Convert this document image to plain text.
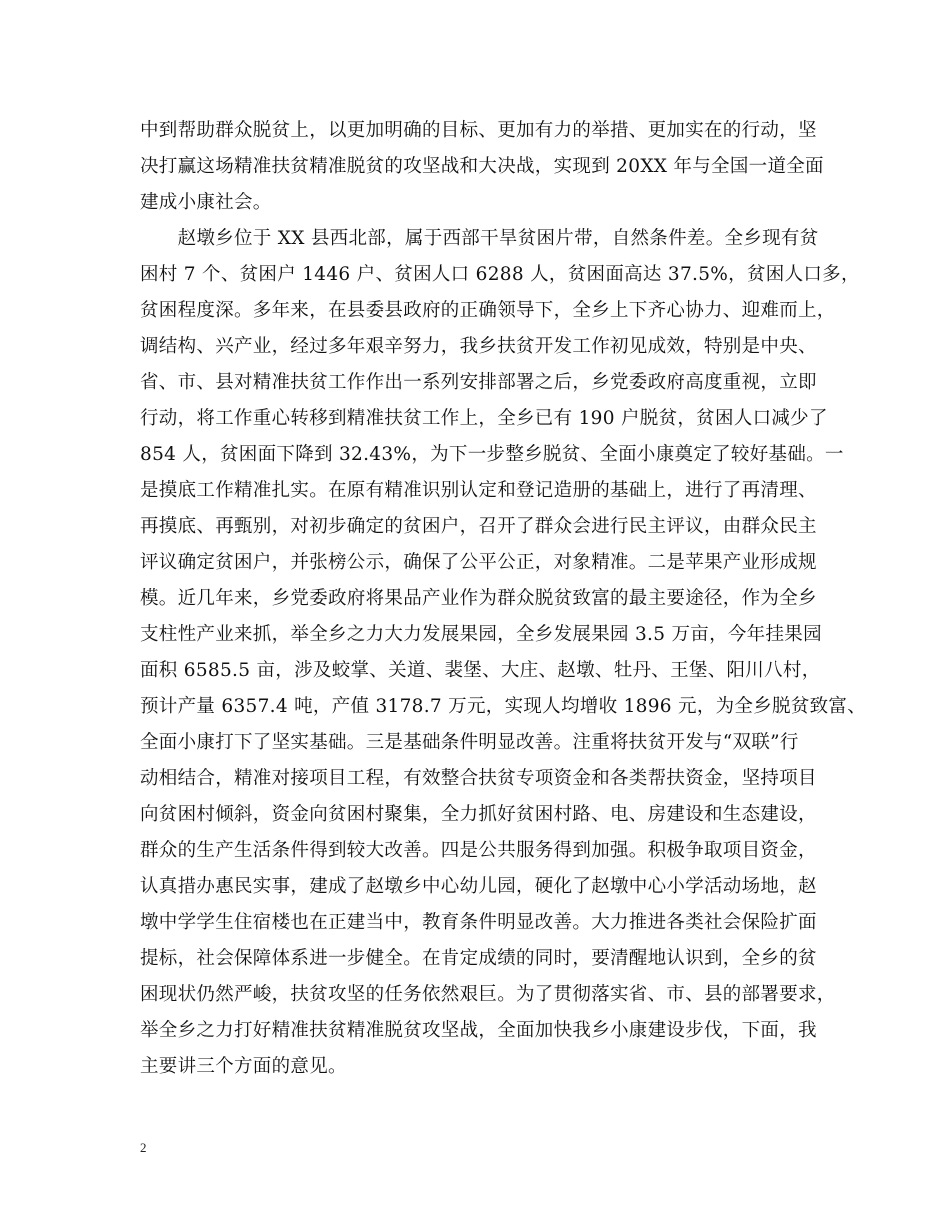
中到帮助群众脱贫上，以更加明确的目标、更加有力的举措、更加实在的行动，坚
决打赢这场精准扶贫精准脱贫的攻坚战和大决战，实现到 20XX 年与全国一道全面
建成小康社会。
　　赵墩乡位于 XX 县西北部，属于西部干旱贫困片带，自然条件差。全乡现有贫
困村 7 个、贫困户 1446 户、贫困人口 6288 人，贫困面高达 37.5%，贫困人口多，
贫困程度深。多年来，在县委县政府的正确领导下，全乡上下齐心协力、迎难而上，
调结构、兴产业，经过多年艰辛努力，我乡扶贫开发工作初见成效，特别是中央、
省、市、县对精准扶贫工作作出一系列安排部署之后，乡党委政府高度重视，立即
行动，将工作重心转移到精准扶贫工作上，全乡已有 190 户脱贫，贫困人口减少了
854 人，贫困面下降到 32.43%，为下一步整乡脱贫、全面小康奠定了较好基础。一
是摸底工作精准扎实。在原有精准识别认定和登记造册的基础上，进行了再清理、
再摸底、再甄别，对初步确定的贫困户，召开了群众会进行民主评议，由群众民主
评议确定贫困户，并张榜公示，确保了公平公正，对象精准。二是苹果产业形成规
模。近几年来，乡党委政府将果品产业作为群众脱贫致富的最主要途径，作为全乡
支柱性产业来抓，举全乡之力大力发展果园，全乡发展果园 3.5 万亩，今年挂果园
面积 6585.5 亩，涉及蛟掌、关道、裴堡、大庄、赵墩、牡丹、王堡、阳川八村，
预计产量 6357.4 吨，产值 3178.7 万元，实现人均增收 1896 元，为全乡脱贫致富、
全面小康打下了坚实基础。三是基础条件明显改善。注重将扶贫开发与“双联”行
动相结合，精准对接项目工程，有效整合扶贫专项资金和各类帮扶资金，坚持项目
向贫困村倾斜，资金向贫困村聚集，全力抓好贫困村路、电、房建设和生态建设，
群众的生产生活条件得到较大改善。四是公共服务得到加强。积极争取项目资金，
认真措办惠民实事，建成了赵墩乡中心幼儿园，硬化了赵墩中心小学活动场地，赵
墩中学学生住宿楼也在正建当中，教育条件明显改善。大力推进各类社会保险扩面
提标，社会保障体系进一步健全。在肯定成绩的同时，要清醒地认识到，全乡的贫
困现状仍然严峻，扶贫攻坚的任务依然艰巨。为了贯彻落实省、市、县的部署要求，
举全乡之力打好精准扶贫精准脱贫攻坚战，全面加快我乡小康建设步伐，下面，我
主要讲三个方面的意见。
2
